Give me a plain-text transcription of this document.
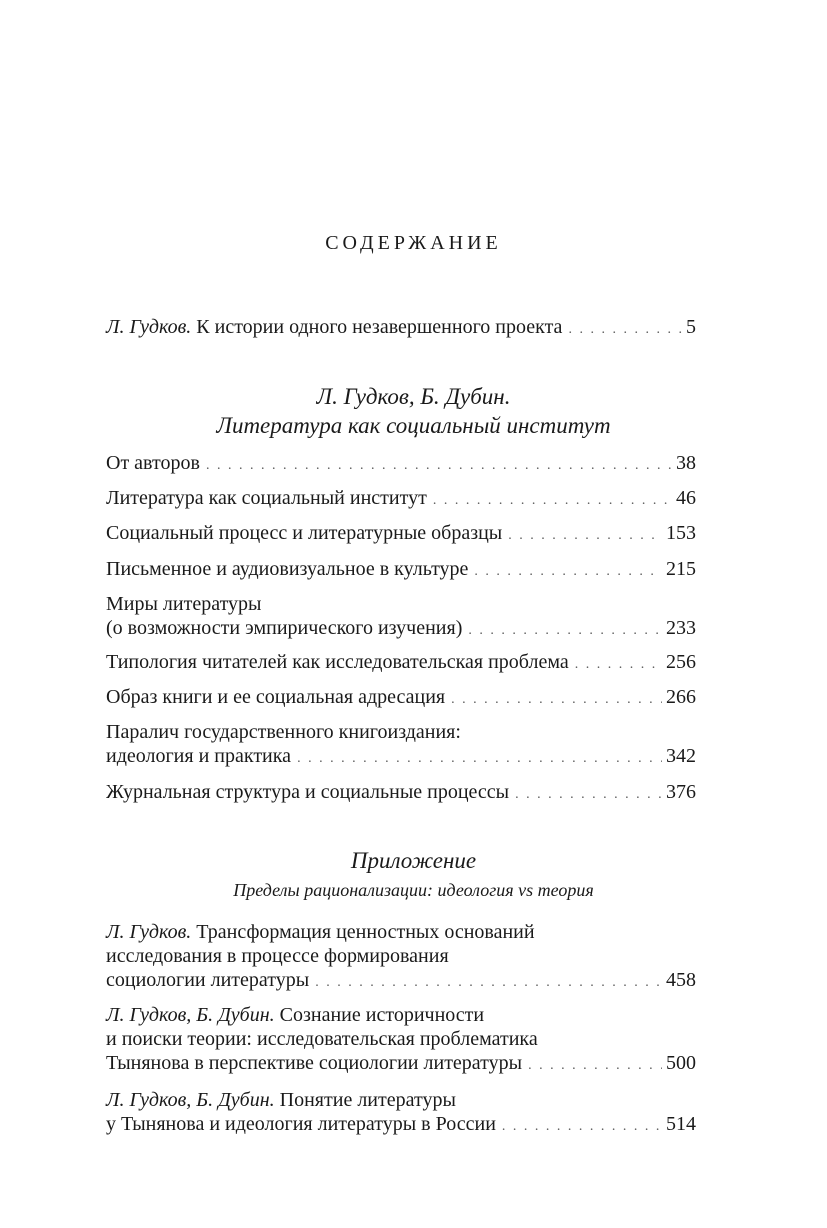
СОДЕРЖАНИЕ
Л. Гудков. К истории одного незавершенного проекта . . .	5
Л. Гудков, Б. Дубин.
Литература как социальный институт
От авторов . . .	38
Литература как социальный институт . . .	46
Социальный процесс и литературные образцы . . .	153
Письменное и аудиовизуальное в культуре . . .	215
Миры литературы
(о возможности эмпирического изучения) . . .	233
Типология читателей как исследовательская проблема . . .	256
Образ книги и ее социальная адресация . . .	266
Паралич государственного книгоиздания:
идеология и практика . . .	342
Журнальная структура и социальные процессы . . .	376
Приложение
Пределы рационализации: идеология vs теория
Л. Гудков. Трансформация ценностных оснований
исследования в процессе формирования
социологии литературы . . .	458
Л. Гудков, Б. Дубин. Сознание историчности
и поиски теории: исследовательская проблематика
Тынянова в перспективе социологии литературы . . .	500
Л. Гудков, Б. Дубин. Понятие литературы
у Тынянова и идеология литературы в России . . .	514
